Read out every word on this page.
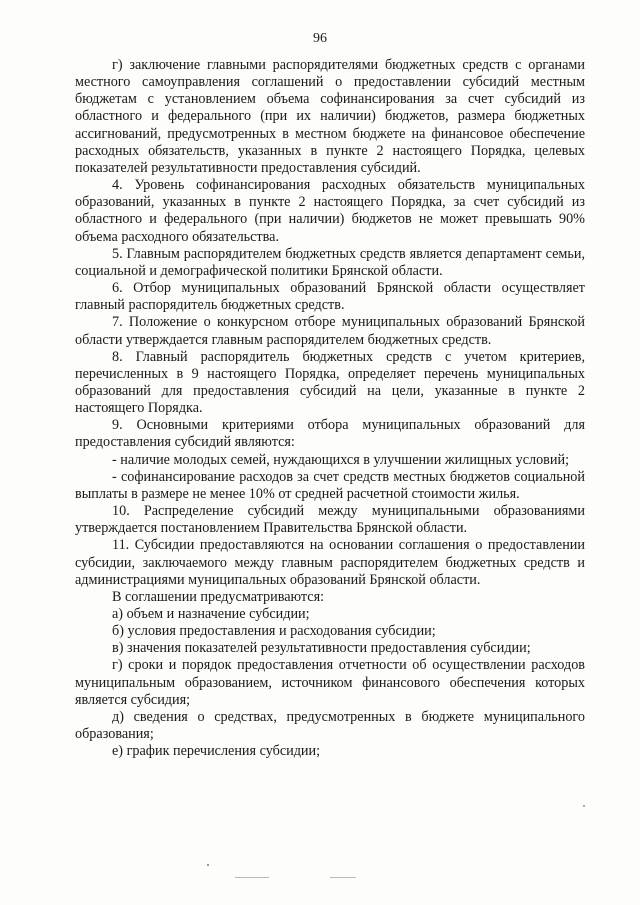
96

г) заключение главными распорядителями бюджетных средств с органами местного самоуправления соглашений о предоставлении субсидий местным бюджетам с установлением объема софинансирования за счет субсидий из областного и федерального (при их наличии) бюджетов, размера бюджетных ассигнований, предусмотренных в местном бюджете на финансовое обеспечение расходных обязательств, указанных в пункте 2 настоящего Порядка, целевых показателей результативности предоставления субсидий.

4. Уровень софинансирования расходных обязательств муниципальных образований, указанных в пункте 2 настоящего Порядка, за счет субсидий из областного и федерального (при наличии) бюджетов не может превышать 90% объема расходного обязательства.

5. Главным распорядителем бюджетных средств является департамент семьи, социальной и демографической политики Брянской области.

6. Отбор муниципальных образований Брянской области осуществляет главный распорядитель бюджетных средств.

7. Положение о конкурсном отборе муниципальных образований Брянской области утверждается главным распорядителем бюджетных средств.

8. Главный распорядитель бюджетных средств с учетом критериев, перечисленных в 9 настоящего Порядка, определяет перечень муниципальных образований для предоставления субсидий на цели, указанные в пункте 2 настоящего Порядка.

9. Основными критериями отбора муниципальных образований для предоставления субсидий являются:

- наличие молодых семей, нуждающихся в улучшении жилищных условий;

- софинансирование расходов за счет средств местных бюджетов социальной выплаты в размере не менее 10% от средней расчетной стоимости жилья.

10. Распределение субсидий между муниципальными образованиями утверждается постановлением Правительства Брянской области.

11. Субсидии предоставляются на основании соглашения о предоставлении субсидии, заключаемого между главным распорядителем бюджетных средств и администрациями муниципальных образований Брянской области.

В соглашении предусматриваются:

а) объем и назначение субсидии;

б) условия предоставления и расходования субсидии;

в) значения показателей результативности предоставления субсидии;

г) сроки и порядок предоставления отчетности об осуществлении расходов муниципальным образованием, источником финансового обеспечения которых является субсидия;

д) сведения о средствах, предусмотренных в бюджете муниципального образования;

е) график перечисления субсидии;
